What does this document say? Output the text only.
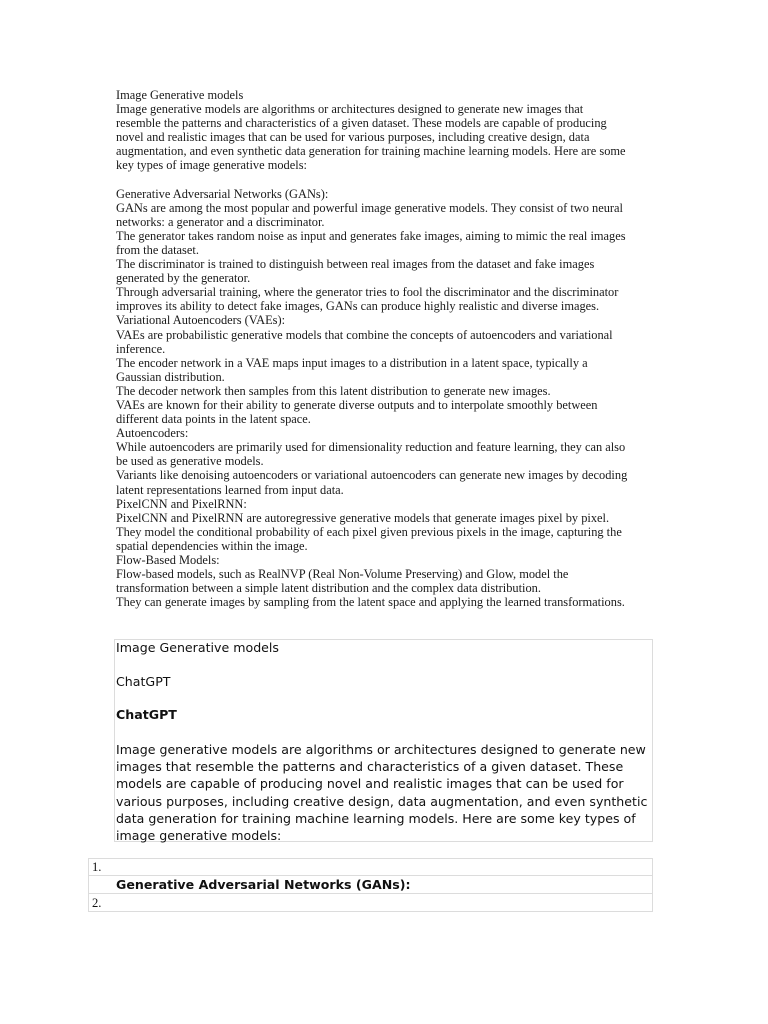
Image Generative models
Image generative models are algorithms or architectures designed to generate new images that
resemble the patterns and characteristics of a given dataset. These models are capable of producing
novel and realistic images that can be used for various purposes, including creative design, data
augmentation, and even synthetic data generation for training machine learning models. Here are some
key types of image generative models:
Generative Adversarial Networks (GANs):
GANs are among the most popular and powerful image generative models. They consist of two neural
networks: a generator and a discriminator.
The generator takes random noise as input and generates fake images, aiming to mimic the real images
from the dataset.
The discriminator is trained to distinguish between real images from the dataset and fake images
generated by the generator.
Through adversarial training, where the generator tries to fool the discriminator and the discriminator
improves its ability to detect fake images, GANs can produce highly realistic and diverse images.
Variational Autoencoders (VAEs):
VAEs are probabilistic generative models that combine the concepts of autoencoders and variational
inference.
The encoder network in a VAE maps input images to a distribution in a latent space, typically a
Gaussian distribution.
The decoder network then samples from this latent distribution to generate new images.
VAEs are known for their ability to generate diverse outputs and to interpolate smoothly between
different data points in the latent space.
Autoencoders:
While autoencoders are primarily used for dimensionality reduction and feature learning, they can also
be used as generative models.
Variants like denoising autoencoders or variational autoencoders can generate new images by decoding
latent representations learned from input data.
PixelCNN and PixelRNN:
PixelCNN and PixelRNN are autoregressive generative models that generate images pixel by pixel.
They model the conditional probability of each pixel given previous pixels in the image, capturing the
spatial dependencies within the image.
Flow-Based Models:
Flow-based models, such as RealNVP (Real Non-Volume Preserving) and Glow, model the
transformation between a simple latent distribution and the complex data distribution.
They can generate images by sampling from the latent space and applying the learned transformations.
Image Generative models
ChatGPT
ChatGPT

Image generative models are algorithms or architectures designed to generate new images that resemble the patterns and characteristics of a given dataset. These models are capable of producing novel and realistic images that can be used for various purposes, including creative design, data augmentation, and even synthetic data generation for training machine learning models. Here are some key types of image generative models:

1.
Generative Adversarial Networks (GANs):
2.
